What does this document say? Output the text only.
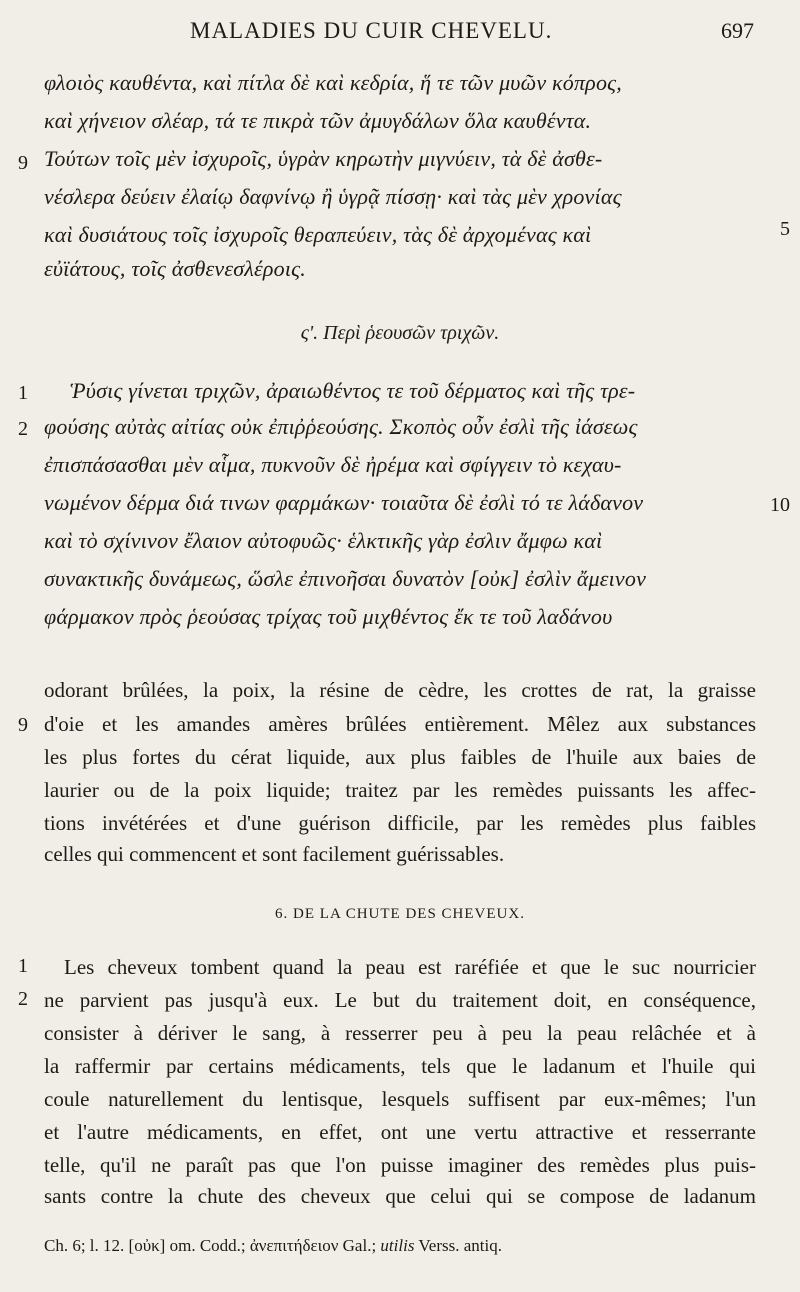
MALADIES DU CUIR CHEVELU.	697
φλοιὸς καυθέντα, καὶ πίτλα δὲ καὶ κεδρία, ἥ τε τῶν μυῶν κόπρος,
καὶ χήνειον σλέαρ, τά τε πικρὰ τῶν ἀμυγδάλων ὅλα καυθέντα.
Τούτων τοῖς μὲν ἰσχυροῖς, ὑγρὰν κηρωτὴν μιγνύειν, τὰ δὲ ἀσθε-
νέσλερα δεύειν ἐλαίῳ δαφνίνῳ ἢ ὑγρᾷ πίσσῃ· καὶ τὰς μὲν χρονίας
καὶ δυσιάτους τοῖς ἰσχυροῖς θεραπεύειν, τὰς δὲ ἀρχομένας καὶ
εὐϊάτους, τοῖς ἀσθενεσλέροις.
9
5
ς'. Περὶ ῥεουσῶν τριχῶν.
Ῥύσις γίνεται τριχῶν, ἀραιωθέντος τε τοῦ δέρματος καὶ τῆς τρε-
φούσης αὐτὰς αἰτίας οὐκ ἐπιῤῥεούσης. Σκοπὸς οὖν ἐσλὶ τῆς ἰάσεως
ἐπισπάσασθαι μὲν αἷμα, πυκνοῦν δὲ ἠρέμα καὶ σφίγγειν τὸ κεχαυ-
νωμένον δέρμα διά τινων φαρμάκων· τοιαῦτα δὲ ἐσλὶ τό τε λάδανον
καὶ τὸ σχίνινον ἔλαιον αὐτοφυῶς· ἑλκτικῆς γὰρ ἐσλιν ἄμφω καὶ
συνακτικῆς δυνάμεως, ὥσλε ἐπινοῆσαι δυνατὸν [οὐκ] ἐσλὶν ἄμεινον
φάρμακον πρὸς ῥεούσας τρίχας τοῦ μιχθέντος ἔκ τε τοῦ λαδάνου
1
2
10
odorant brûlées, la poix, la résine de cèdre, les crottes de rat, la graisse
d'oie et les amandes amères brûlées entièrement. Mêlez aux substances
les plus fortes du cérat liquide, aux plus faibles de l'huile aux baies de
laurier ou de la poix liquide; traitez par les remèdes puissants les affec-
tions invétérées et d'une guérison difficile, par les remèdes plus faibles
celles qui commencent et sont facilement guérissables.
9
6. DE LA CHUTE DES CHEVEUX.
Les cheveux tombent quand la peau est raréfiée et que le suc nourricier
ne parvient pas jusqu'à eux. Le but du traitement doit, en conséquence,
consister à dériver le sang, à resserrer peu à peu la peau relâchée et à
la raffermir par certains médicaments, tels que le ladanum et l'huile qui
coule naturellement du lentisque, lesquels suffisent par eux-mêmes; l'un
et l'autre médicaments, en effet, ont une vertu attractive et resserrante
telle, qu'il ne paraît pas que l'on puisse imaginer des remèdes plus puis-
sants contre la chute des cheveux que celui qui se compose de ladanum
1
2
Ch. 6; l. 12. [οὐκ] om. Codd.; ἀνεπιτήδειον Gal.; utilis Verss. antiq.
